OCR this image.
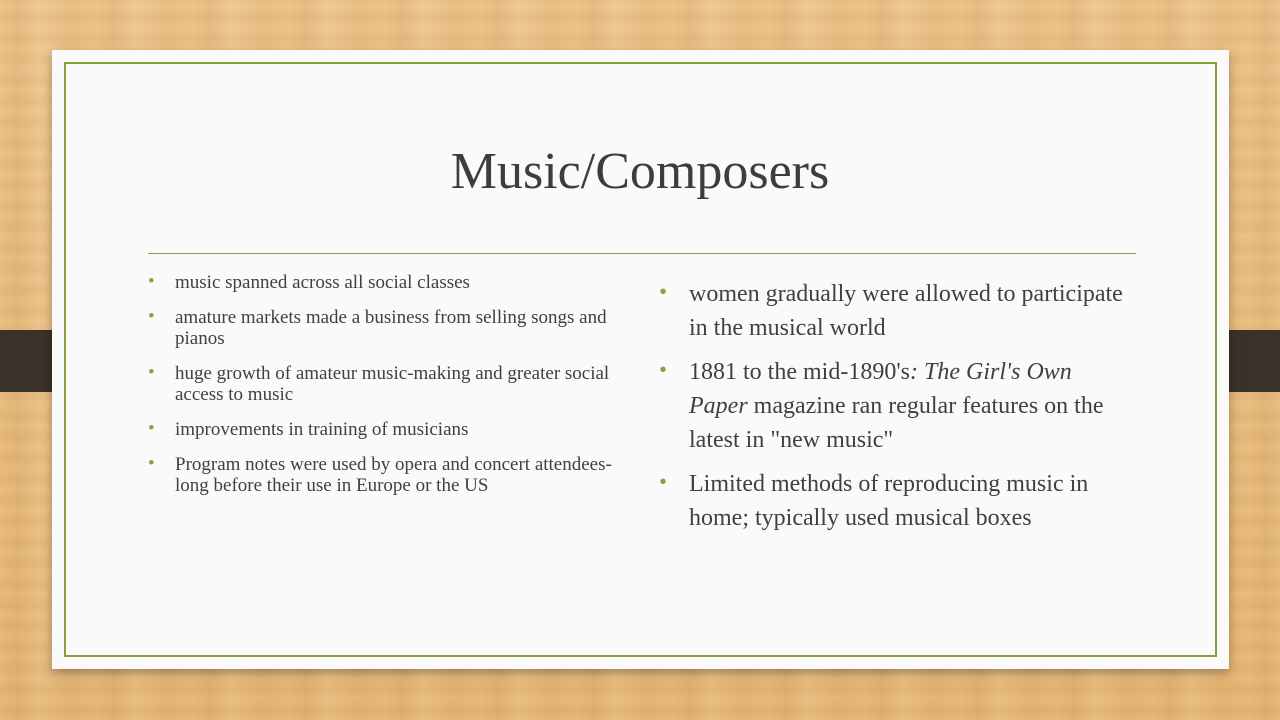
Music/Composers
• music spanned across all social classes
• amature markets made a business from selling songs and pianos
• huge growth of amateur music-making and greater social access to music
• improvements in training of musicians
• Program notes were used by opera and concert attendees- long before their use in Europe or the US
• women gradually were allowed to participate in the musical world
• 1881 to the mid-1890's: The Girl's Own Paper magazine ran regular features on the latest in "new music"
• Limited methods of reproducing music in home; typically used musical boxes
